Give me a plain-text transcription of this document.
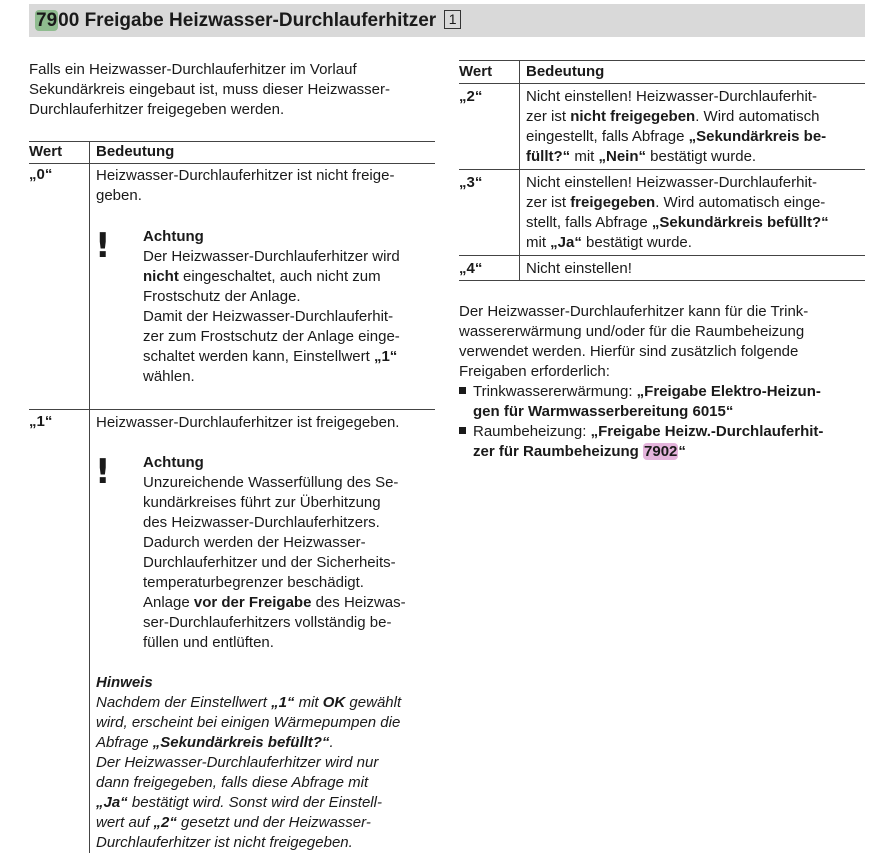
7900 Freigabe Heizwasser-Durchlauferhitzer 1
Falls ein Heizwasser-Durchlauferhitzer im Vorlauf
Sekundärkreis eingebaut ist, muss dieser Heizwasser-
Durchlauferhitzer freigegeben werden.
Wert Bedeutung
„0“	Heizwasser-Durchlauferhitzer ist nicht freige-
geben.
! Achtung
Der Heizwasser-Durchlauferhitzer wird
nicht eingeschaltet, auch nicht zum
Frostschutz der Anlage.
Damit der Heizwasser-Durchlauferhit-
zer zum Frostschutz der Anlage einge-
schaltet werden kann, Einstellwert „1“
wählen.
„1“	Heizwasser-Durchlauferhitzer ist freigegeben.
! Achtung
Unzureichende Wasserfüllung des Se-
kundärkreises führt zur Überhitzung
des Heizwasser-Durchlauferhitzers.
Dadurch werden der Heizwasser-
Durchlauferhitzer und der Sicherheits-
temperaturbegrenzer beschädigt.
Anlage vor der Freigabe des Heizwas-
ser-Durchlauferhitzers vollständig be-
füllen und entlüften.
Hinweis
Nachdem der Einstellwert „1“ mit OK gewählt
wird, erscheint bei einigen Wärmepumpen die
Abfrage „Sekundärkreis befüllt?“.
Der Heizwasser-Durchlauferhitzer wird nur
dann freigegeben, falls diese Abfrage mit
„Ja“ bestätigt wird. Sonst wird der Einstell-
wert auf „2“ gesetzt und der Heizwasser-
Durchlauferhitzer ist nicht freigegeben.
Wert Bedeutung
„2“	Nicht einstellen! Heizwasser-Durchlauferhit-
zer ist nicht freigegeben. Wird automatisch
eingestellt, falls Abfrage „Sekundärkreis be-
füllt?“ mit „Nein“ bestätigt wurde.
„3“	Nicht einstellen! Heizwasser-Durchlauferhit-
zer ist freigegeben. Wird automatisch einge-
stellt, falls Abfrage „Sekundärkreis befüllt?“
mit „Ja“ bestätigt wurde.
„4“	Nicht einstellen!
Der Heizwasser-Durchlauferhitzer kann für die Trink-
wassererwärmung und/oder für die Raumbeheizung
verwendet werden. Hierfür sind zusätzlich folgende
Freigaben erforderlich:
Trinkwassererwärmung: „Freigabe Elektro-Heizun-
gen für Warmwasserbereitung 6015“
Raumbeheizung: „Freigabe Heizw.-Durchlauferhit-
zer für Raumbeheizung 7902“
